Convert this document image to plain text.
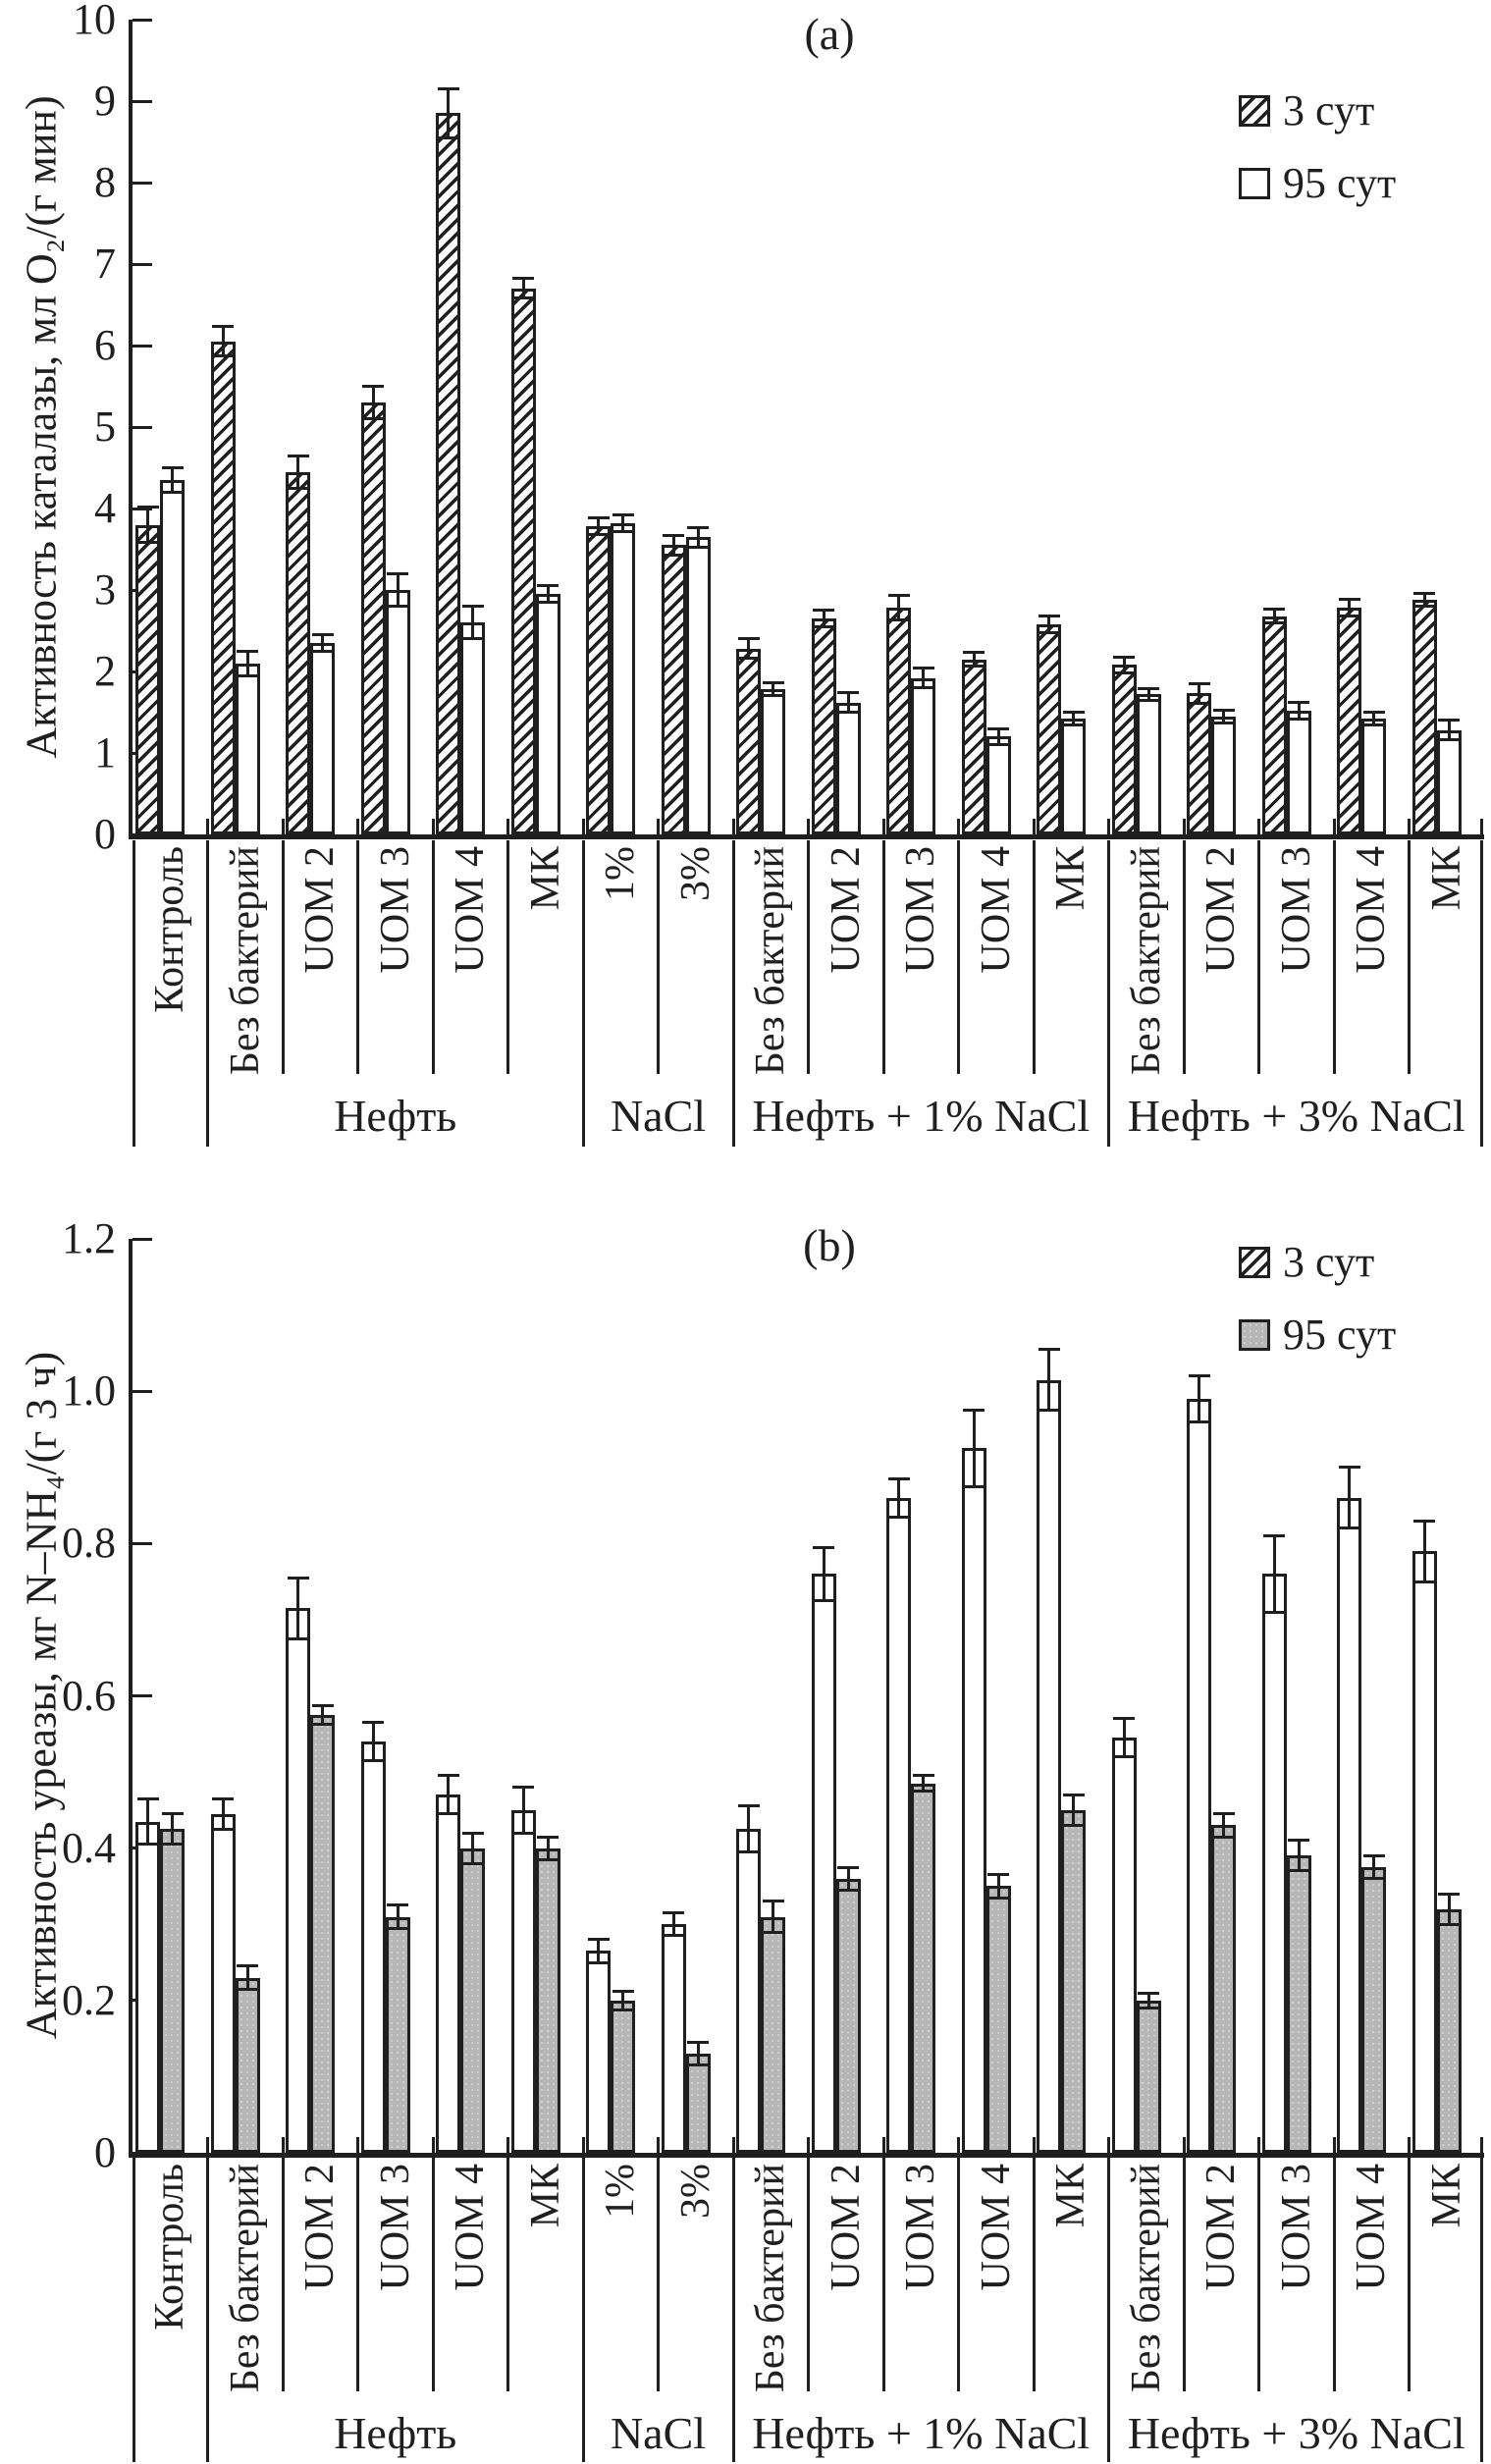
(a)
Активность каталазы, мл О₂/(г мин)
0
1
2
3
4
5
6
7
8
9
10
3 сут
95 сут
Контроль Без бактерий UOM 2 UOM 3 UOM 4 МК 1% 3% Без бактерий UOM 2 UOM 3 UOM 4 МК Без бактерий UOM 2 UOM 3 UOM 4 МК
Нефть	NaCl	Нефть + 1% NaCl Нефть + 3% NaCl
(b)
Активность уреазы, мг N–NH₄/(г 3 ч)
0
0.2
0.4
0.6
0.8
1.0
1.2	3 сут
95 сут
Контроль Без бактерий UOM 2 UOM 3 UOM 4 МК 1% 3% Без бактерий UOM 2 UOM 3 UOM 4 МК Без бактерий UOM 2 UOM 3 UOM 4 МК
Нефть	NaCl	Нефть + 1% NaCl Нефть + 3% NaCl
